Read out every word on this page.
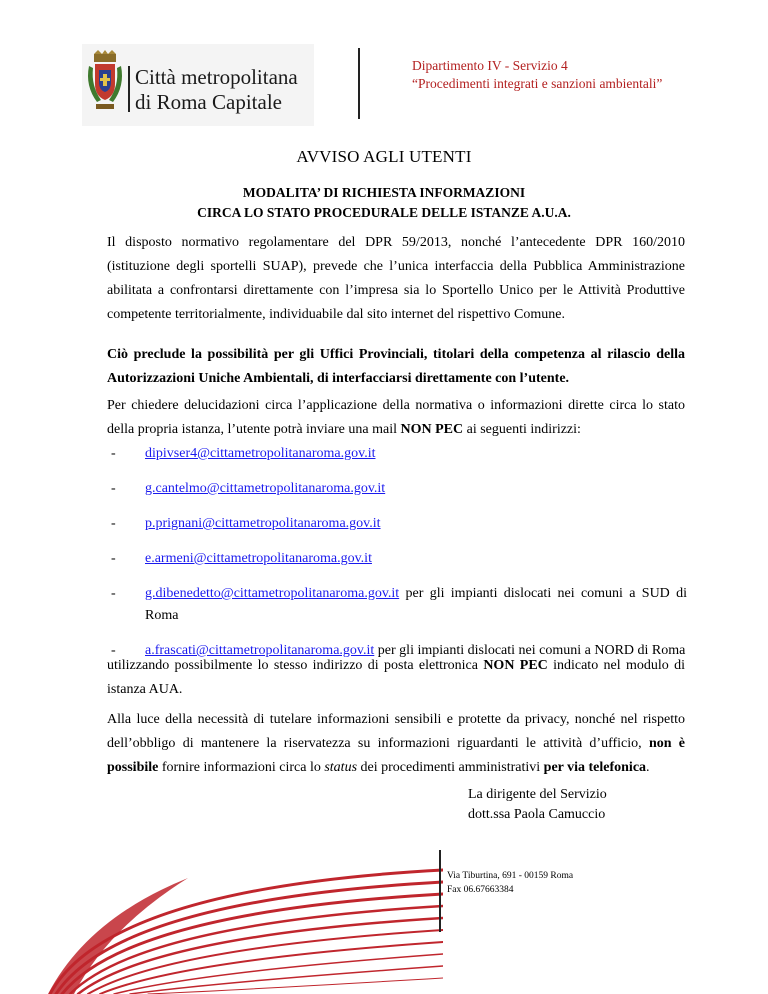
Città metropolitana
di Roma Capitale
Dipartimento IV - Servizio 4
“Procedimenti integrati e sanzioni ambientali”
AVVISO AGLI UTENTI
MODALITA’ DI RICHIESTA INFORMAZIONI
CIRCA LO STATO PROCEDURALE DELLE ISTANZE A.U.A.
Il disposto normativo regolamentare del DPR 59/2013, nonché l’antecedente DPR 160/2010 (istituzione degli sportelli SUAP), prevede che l’unica interfaccia della Pubblica Amministrazione abilitata a confrontarsi direttamente con l’impresa sia lo Sportello Unico per le Attività Produttive competente territorialmente, individuabile dal sito internet del rispettivo Comune.
Ciò preclude la possibilità per gli Uffici Provinciali, titolari della competenza al rilascio della Autorizzazioni Uniche Ambientali, di interfacciarsi direttamente con l’utente.
Per chiedere delucidazioni circa l’applicazione della normativa o informazioni dirette circa lo stato della propria istanza, l’utente potrà inviare una mail NON PEC ai seguenti indirizzi:
- dipivser4@cittametropolitanaroma.gov.it
- g.cantelmo@cittametropolitanaroma.gov.it
- p.prignani@cittametropolitanaroma.gov.it
- e.armeni@cittametropolitanaroma.gov.it
- g.dibenedetto@cittametropolitanaroma.gov.it per gli impianti dislocati nei comuni a SUD di Roma
- a.frascati@cittametropolitanaroma.gov.it per gli impianti dislocati nei comuni a NORD di Roma
utilizzando possibilmente lo stesso indirizzo di posta elettronica NON PEC indicato nel modulo di istanza AUA.
Alla luce della necessità di tutelare informazioni sensibili e protette da privacy, nonché nel rispetto dell’obbligo di mantenere la riservatezza su informazioni riguardanti le attività d’ufficio, non è possibile fornire informazioni circa lo status dei procedimenti amministrativi per via telefonica.
La dirigente del Servizio
dott.ssa Paola Camuccio
Via Tiburtina, 691 - 00159 Roma
Fax 06.67663384
